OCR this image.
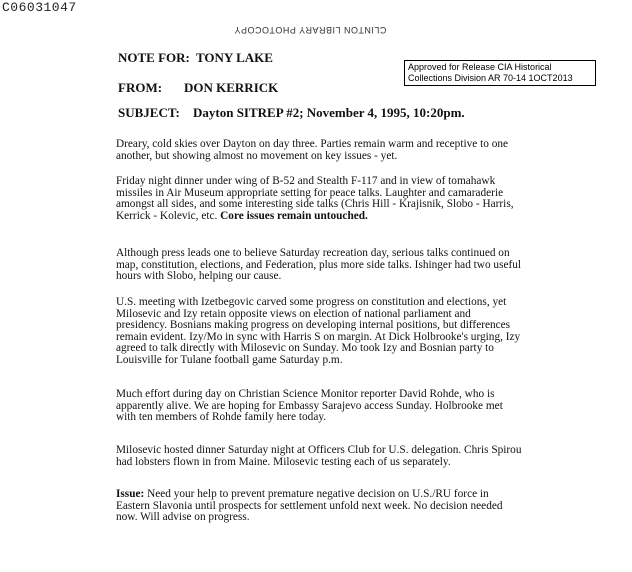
C06031047
CLINTON LIBRARY PHOTOCOPY
Approved for Release CIA Historical
Collections Division AR 70-14 1OCT2013
NOTE FOR: TONY LAKE
FROM: DON KERRICK
SUBJECT: Dayton SITREP #2; November 4, 1995, 10:20pm.
Dreary, cold skies over Dayton on day three. Parties remain warm and receptive to one another, but showing almost no movement on key issues - yet.
Friday night dinner under wing of B-52 and Stealth F-117 and in view of tomahawk missiles in Air Museum appropriate setting for peace talks. Laughter and camaraderie amongst all sides, and some interesting side talks (Chris Hill - Krajisnik, Slobo - Harris, Kerrick - Kolevic, etc. Core issues remain untouched.
Although press leads one to believe Saturday recreation day, serious talks continued on map, constitution, elections, and Federation, plus more side talks. Ishinger had two useful hours with Slobo, helping our cause.
U.S. meeting with Izetbegovic carved some progress on constitution and elections, yet Milosevic and Izy retain opposite views on election of national parliament and presidency. Bosnians making progress on developing internal positions, but differences remain evident. Izy/Mo in sync with Harris S on margin. At Dick Holbrooke's urging, Izy agreed to talk directly with Milosevic on Sunday. Mo took Izy and Bosnian party to Louisville for Tulane football game Saturday p.m.
Much effort during day on Christian Science Monitor reporter David Rohde, who is apparently alive. We are hoping for Embassy Sarajevo access Sunday. Holbrooke met with ten members of Rohde family here today.
Milosevic hosted dinner Saturday night at Officers Club for U.S. delegation. Chris Spirou had lobsters flown in from Maine. Milosevic testing each of us separately.
Issue: Need your help to prevent premature negative decision on U.S./RU force in Eastern Slavonia until prospects for settlement unfold next week. No decision needed now. Will advise on progress.
